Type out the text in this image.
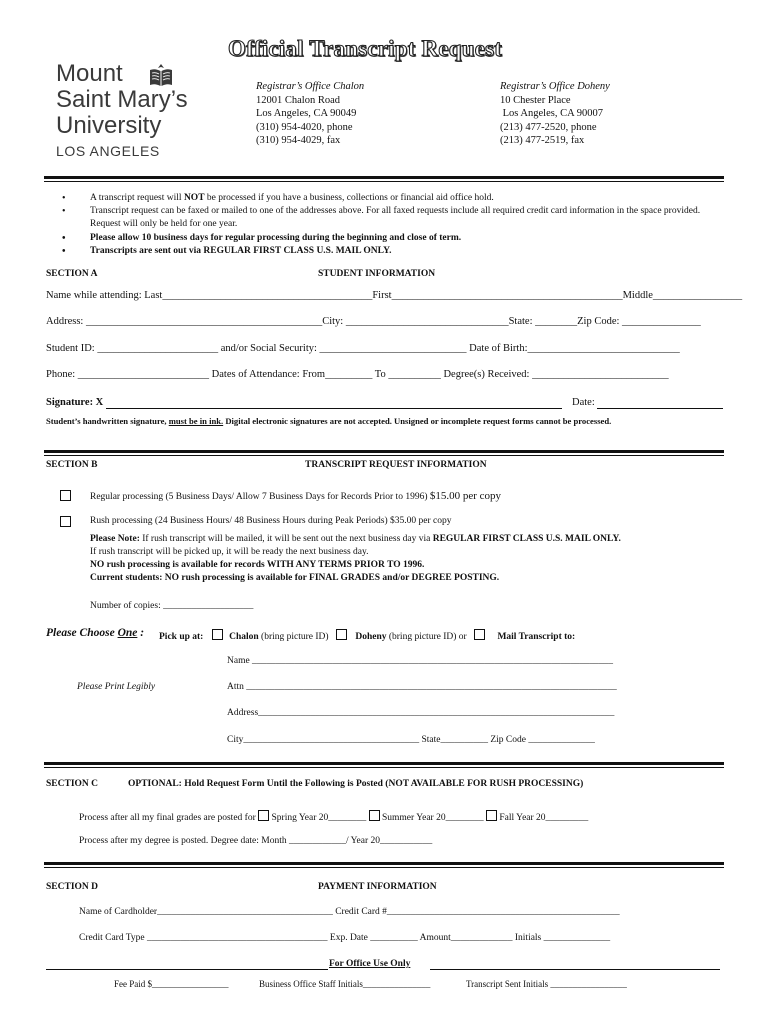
Official Transcript Request
Mount
Saint Mary’s
University
LOS ANGELES
Registrar’s Office Chalon
12001 Chalon Road
Los Angeles, CA 90049
(310) 954-4020, phone
(310) 954-4029, fax
Registrar’s Office Doheny
10 Chester Place
Los Angeles, CA 90007
(213) 477-2520, phone
(213) 477-2519, fax
• A transcript request will NOT be processed if you have a business, collections or financial aid office hold.
• Transcript request can be faxed or mailed to one of the addresses above. For all faxed requests include all required credit card information in the space provided. Request will only be held for one year.
• Please allow 10 business days for regular processing during the beginning and close of term.
• Transcripts are sent out via REGULAR FIRST CLASS U.S. MAIL ONLY.
SECTION A	STUDENT INFORMATION
Name while attending: Last________________________________________First____________________________________________Middle_________________
Address: _____________________________________________City: _______________________________State: ________Zip Code: _______________
Student ID: _______________________ and/or Social Security: ____________________________ Date of Birth:_____________________________
Phone: _________________________ Dates of Attendance: From_________ To __________ Degree(s) Received: __________________________
Signature: X	Date:
Student’s handwritten signature, must be in ink. Digital electronic signatures are not accepted. Unsigned or incomplete request forms cannot be processed.
SECTION B	TRANSCRIPT REQUEST INFORMATION
Regular processing (5 Business Days/ Allow 7 Business Days for Records Prior to 1996) $15.00 per copy
Rush processing (24 Business Hours/ 48 Business Hours during Peak Periods) $35.00 per copy
Please Note: If rush transcript will be mailed, it will be sent out the next business day via REGULAR FIRST CLASS U.S. MAIL ONLY.
If rush transcript will be picked up, it will be ready the next business day.
NO rush processing is available for records WITH ANY TERMS PRIOR TO 1996.
Current students: NO rush processing is available for FINAL GRADES and/or DEGREE POSTING.
Number of copies: ___________________
Please Choose One : Pick up at:	Chalon (bring picture ID)	Doheny (bring picture ID) or	Mail Transcript to:
Name ____________________________________________________________________________
Please Print Legibly	Attn ______________________________________________________________________________
Address___________________________________________________________________________
City_____________________________________ State__________ Zip Code ______________
SECTION C	OPTIONAL: Hold Request Form Until the Following is Posted (NOT AVAILABLE FOR RUSH PROCESSING)
Process after all my final grades are posted for  Spring Year 20________ Summer Year 20________ Fall Year 20_________
Process after my degree is posted. Degree date: Month ____________/ Year 20___________
SECTION D	PAYMENT INFORMATION
Name of Cardholder_____________________________________ Credit Card #_________________________________________________
Credit Card Type ______________________________________ Exp. Date __________ Amount_____________ Initials ______________
For Office Use Only
Fee Paid $_________________	Business Office Staff Initials_______________	Transcript Sent Initials _________________
